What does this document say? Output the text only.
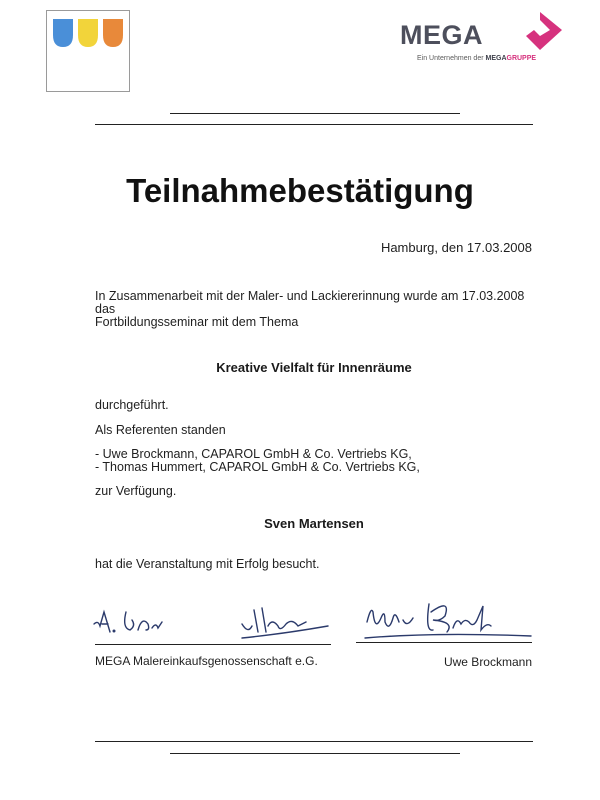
MEGA
Ein Unternehmen der MEGAGRUPPE
Teilnahmebestätigung
Hamburg, den 17.03.2008
In Zusammenarbeit mit der Maler- und Lackiererinnung wurde am 17.03.2008
das
Fortbildungsseminar mit dem Thema
Kreative Vielfalt für Innenräume
durchgeführt.
Als Referenten standen
- Uwe Brockmann, CAPAROL GmbH & Co. Vertriebs KG,
- Thomas Hummert, CAPAROL GmbH & Co. Vertriebs KG,
zur Verfügung.
Sven Martensen
hat die Veranstaltung mit Erfolg besucht.
MEGA Malereinkaufsgenossenschaft e.G.	Uwe Brockmann
